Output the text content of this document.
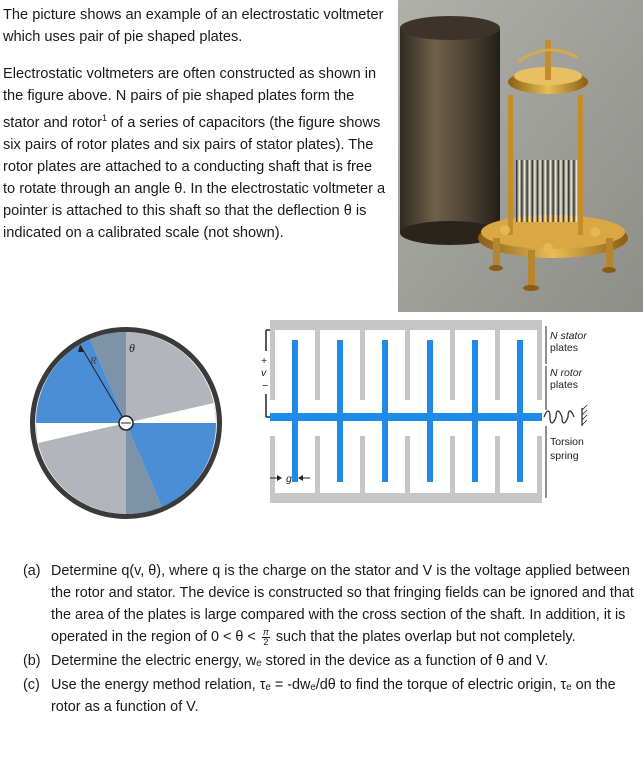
The picture shows an example of an electrostatic voltmeter which uses pair of pie shaped plates.

Electrostatic voltmeters are often constructed as shown in the figure above. N pairs of pie shaped plates form the stator and rotor$^1$ of a series of capacitors (the figure shows six pairs of rotor plates and six pairs of stator plates). The rotor plates are attached to a conducting shaft that is free to rotate through an angle θ. In the electrostatic voltmeter a pointer is attached to this shaft so that the deflection θ is indicated on a calibrated scale (not shown).

R
θ
+
v
−
g
N stator
plates
N rotor
plates
Torsion
spring
(a) Determine q(v, θ), where q is the charge on the stator and V is the voltage applied between the rotor and stator. The device is constructed so that fringing fields can be ignored and that the area of the plates is large compared with the cross section of the shaft. In addition, it is operated in the region of $0 < \theta < \frac{\pi}{2}$ such that the plates overlap but not completely.
(b) Determine the electric energy, wₑ stored in the device as a function of θ and V.
(c) Use the energy method relation, τₑ = -dwₑ/dθ to find the torque of electric origin, τₑ on the rotor as a function of V.
